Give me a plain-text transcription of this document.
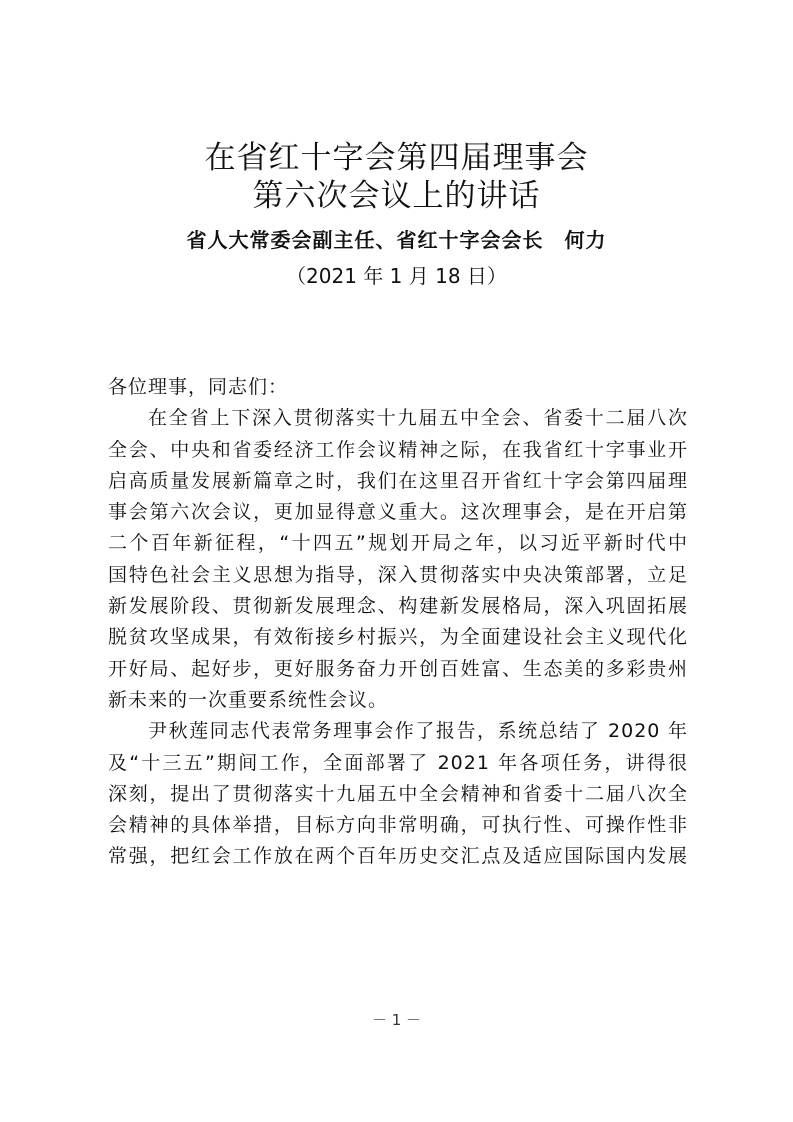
在省红十字会第四届理事会
第六次会议上的讲话
省人大常委会副主任、省红十字会会长　何力
（2021 年 1 月 18 日）
各位理事，同志们：
在全省上下深入贯彻落实十九届五中全会、省委十二届八次
全会、中央和省委经济工作会议精神之际，在我省红十字事业开
启高质量发展新篇章之时，我们在这里召开省红十字会第四届理
事会第六次会议，更加显得意义重大。这次理事会，是在开启第
二个百年新征程，“十四五”规划开局之年，以习近平新时代中
国特色社会主义思想为指导，深入贯彻落实中央决策部署，立足
新发展阶段、贯彻新发展理念、构建新发展格局，深入巩固拓展
脱贫攻坚成果，有效衔接乡村振兴，为全面建设社会主义现代化
开好局、起好步，更好服务奋力开创百姓富、生态美的多彩贵州
新未来的一次重要系统性会议。
尹秋莲同志代表常务理事会作了报告，系统总结了 2020 年
及“十三五”期间工作，全面部署了 2021 年各项任务，讲得很
深刻，提出了贯彻落实十九届五中全会精神和省委十二届八次全
会精神的具体举措，目标方向非常明确，可执行性、可操作性非
常强，把红会工作放在两个百年历史交汇点及适应国际国内发展
－ 1 －
